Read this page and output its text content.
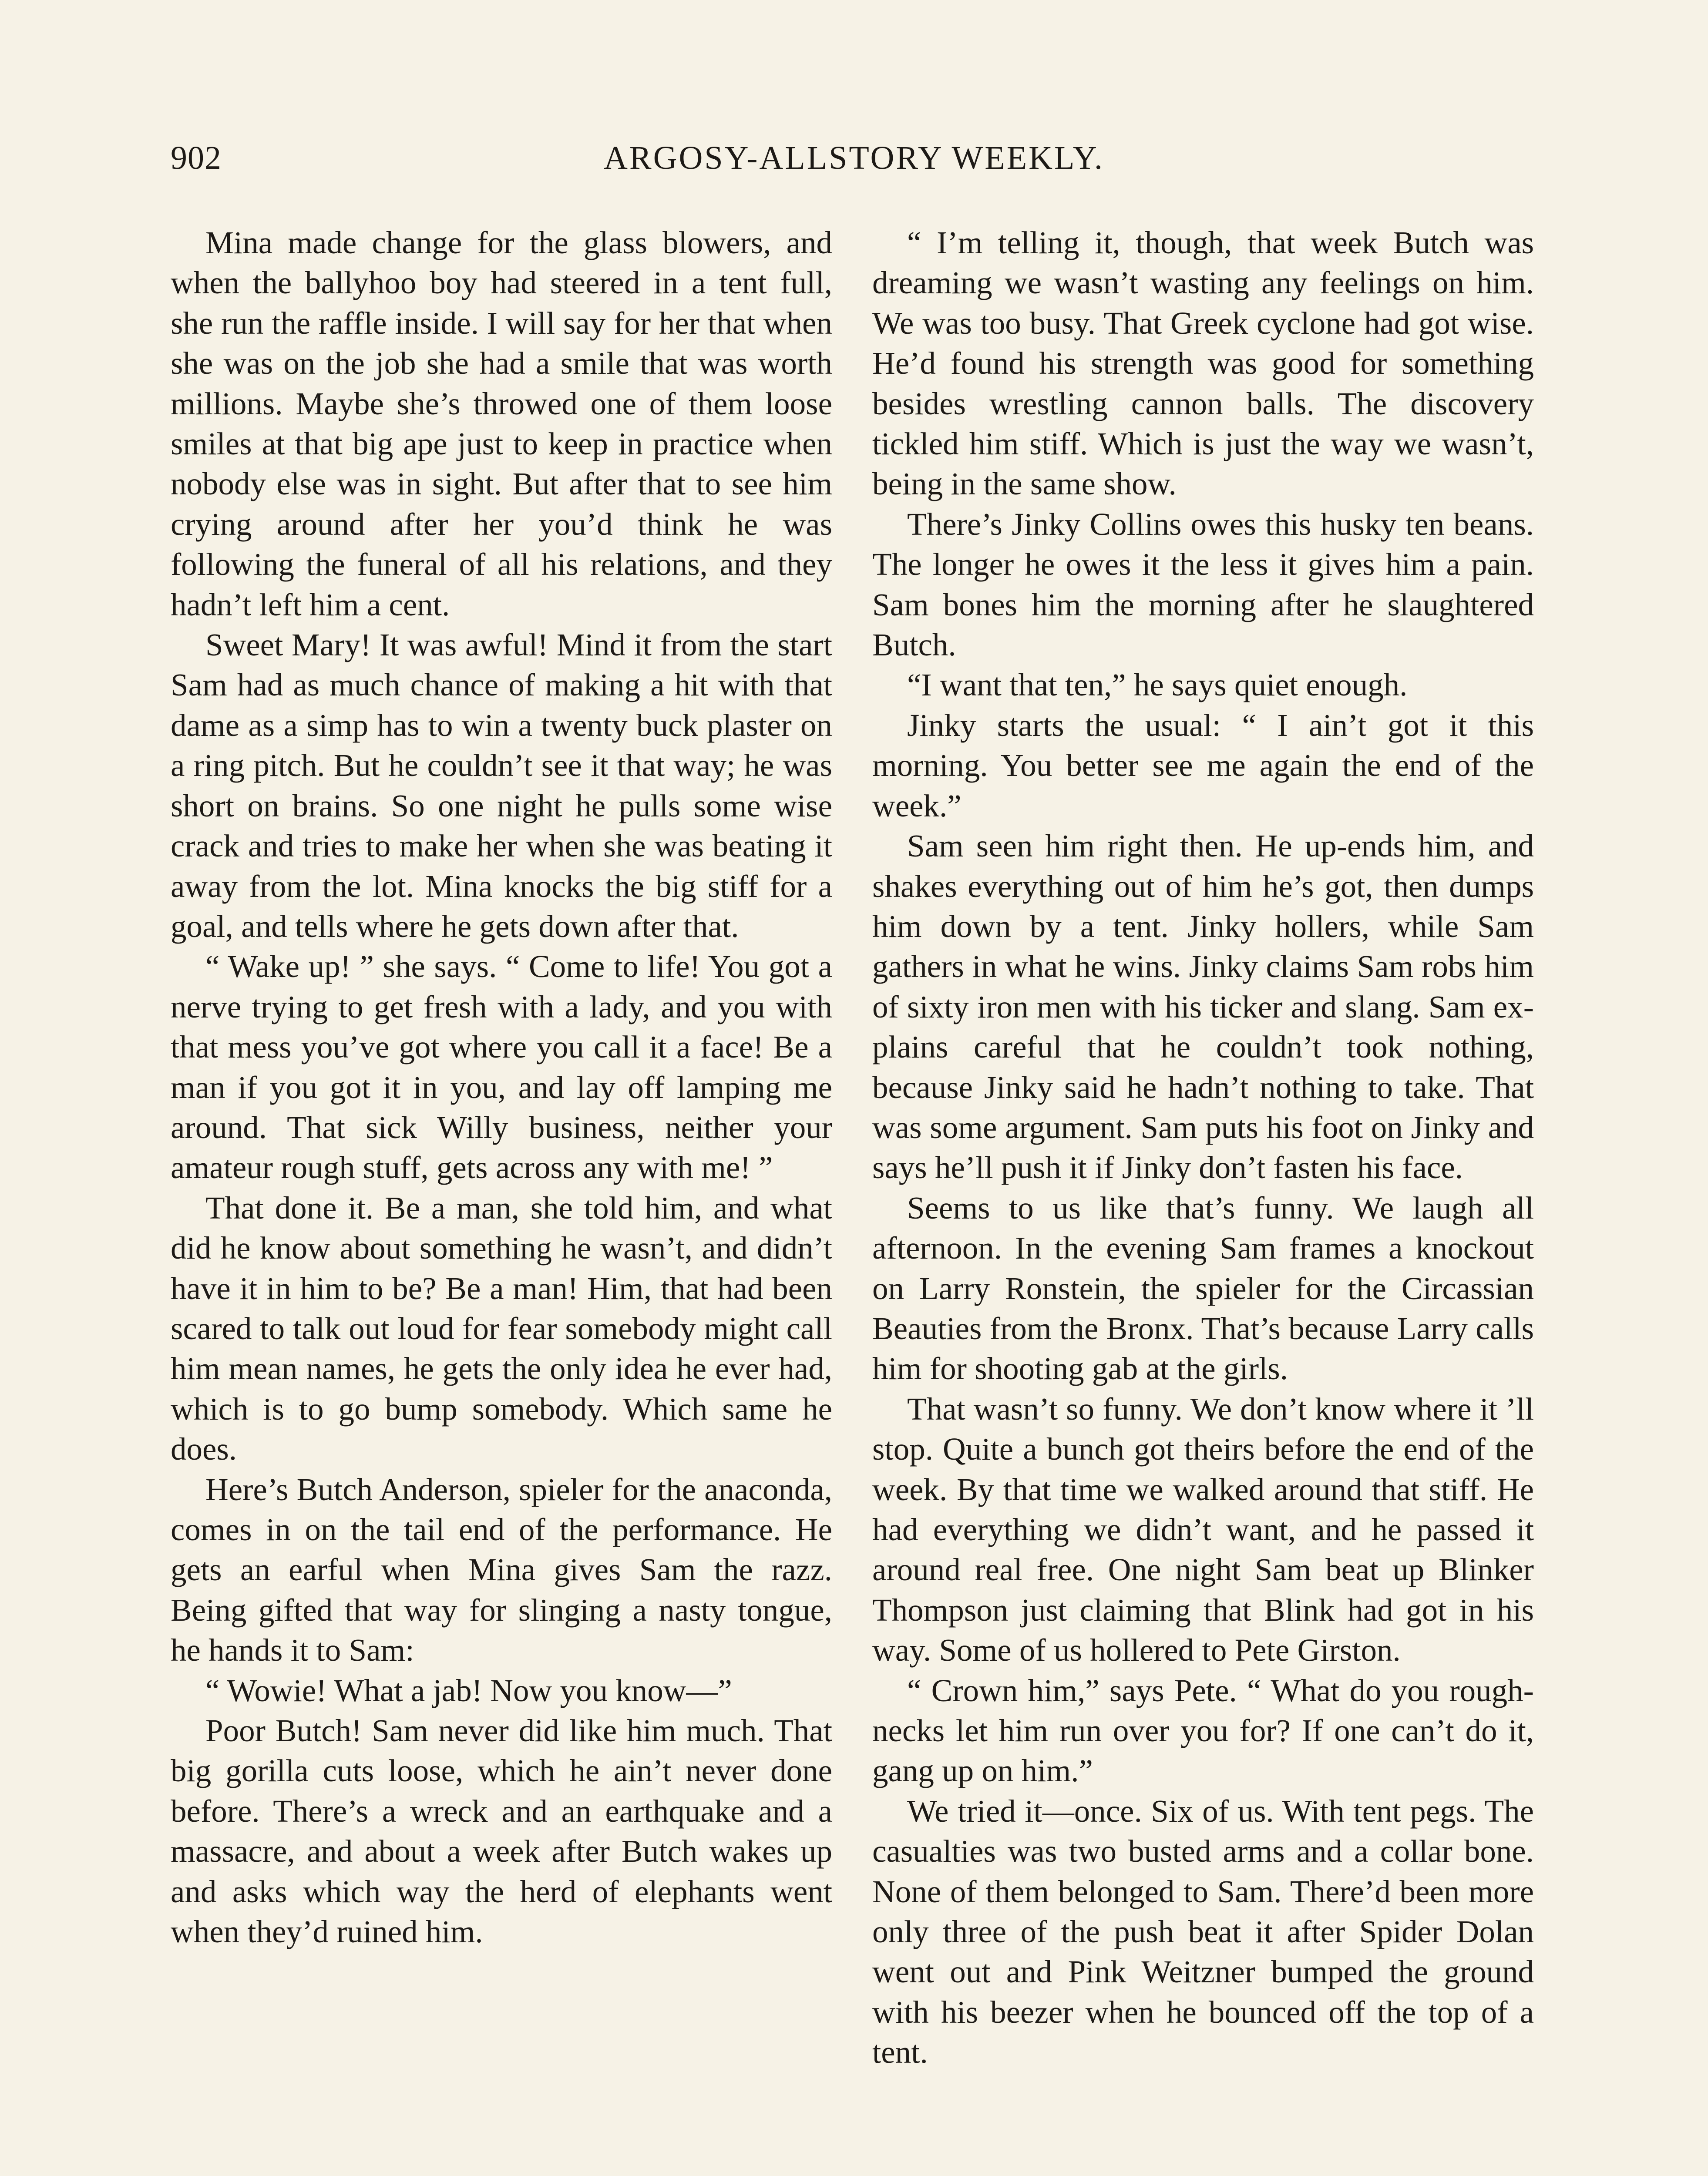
902	ARGOSY-ALLSTORY WEEKLY.

Mina made change for the glass blowers, and when the ballyhoo boy had steered in a tent full, she run the raffle inside. I will say for her that when she was on the job she had a smile that was worth millions. Maybe she’s throwed one of them loose smiles at that big ape just to keep in practice when nobody else was in sight. But after that to see him crying around after her you’d think he was following the funeral of all his relations, and they hadn’t left him a cent.

Sweet Mary! It was awful! Mind it from the start Sam had as much chance of making a hit with that dame as a simp has to win a twenty buck plaster on a ring pitch. But he couldn’t see it that way; he was short on brains. So one night he pulls some wise crack and tries to make her when she was beating it away from the lot. Mina knocks the big stiff for a goal, and tells where he gets down after that.

“ Wake up! ” she says. “ Come to life! You got a nerve trying to get fresh with a lady, and you with that mess you’ve got where you call it a face! Be a man if you got it in you, and lay off lamping me around. That sick Willy business, neither your amateur rough stuff, gets across any with me! ”

That done it. Be a man, she told him, and what did he know about something he wasn’t, and didn’t have it in him to be? Be a man! Him, that had been scared to talk out loud for fear somebody might call him mean names, he gets the only idea he ever had, which is to go bump somebody. Which same he does.

Here’s Butch Anderson, spieler for the anaconda, comes in on the tail end of the performance. He gets an earful when Mina gives Sam the razz. Being gifted that way for slinging a nasty tongue, he hands it to Sam:

“ Wowie! What a jab! Now you know—”

Poor Butch! Sam never did like him much. That big gorilla cuts loose, which he ain’t never done before. There’s a wreck and an earthquake and a massacre, and about a week after Butch wakes up and asks which way the herd of elephants went when they’d ruined him.

“ I’m telling it, though, that week Butch was dreaming we wasn’t wasting any feelings on him. We was too busy. That Greek cyclone had got wise. He’d found his strength was good for something besides wrestling cannon balls. The discovery tickled him stiff. Which is just the way we wasn’t, being in the same show.

There’s Jinky Collins owes this husky ten beans. The longer he owes it the less it gives him a pain. Sam bones him the morning after he slaughtered Butch.

“I want that ten,” he says quiet enough.

Jinky starts the usual: “ I ain’t got it this morning. You better see me again the end of the week.”

Sam seen him right then. He up-ends him, and shakes everything out of him he’s got, then dumps him down by a tent. Jinky hollers, while Sam gathers in what he wins. Jinky claims Sam robs him of sixty iron men with his ticker and slang. Sam explains careful that he couldn’t took nothing, because Jinky said he hadn’t nothing to take. That was some argument. Sam puts his foot on Jinky and says he’ll push it if Jinky don’t fasten his face.

Seems to us like that’s funny. We laugh all afternoon. In the evening Sam frames a knockout on Larry Ronstein, the spieler for the Circassian Beauties from the Bronx. That’s because Larry calls him for shooting gab at the girls.

That wasn’t so funny. We don’t know where it ’ll stop. Quite a bunch got theirs before the end of the week. By that time we walked around that stiff. He had everything we didn’t want, and he passed it around real free. One night Sam beat up Blinker Thompson just claiming that Blink had got in his way. Some of us hollered to Pete Girston.

“ Crown him,” says Pete. “ What do you rough-necks let him run over you for? If one can’t do it, gang up on him.”

We tried it—once. Six of us. With tent pegs. The casualties was two busted arms and a collar bone. None of them belonged to Sam. There’d been more only three of the push beat it after Spider Dolan went out and Pink Weitzner bumped the ground with his beezer when he bounced off the top of a tent.
